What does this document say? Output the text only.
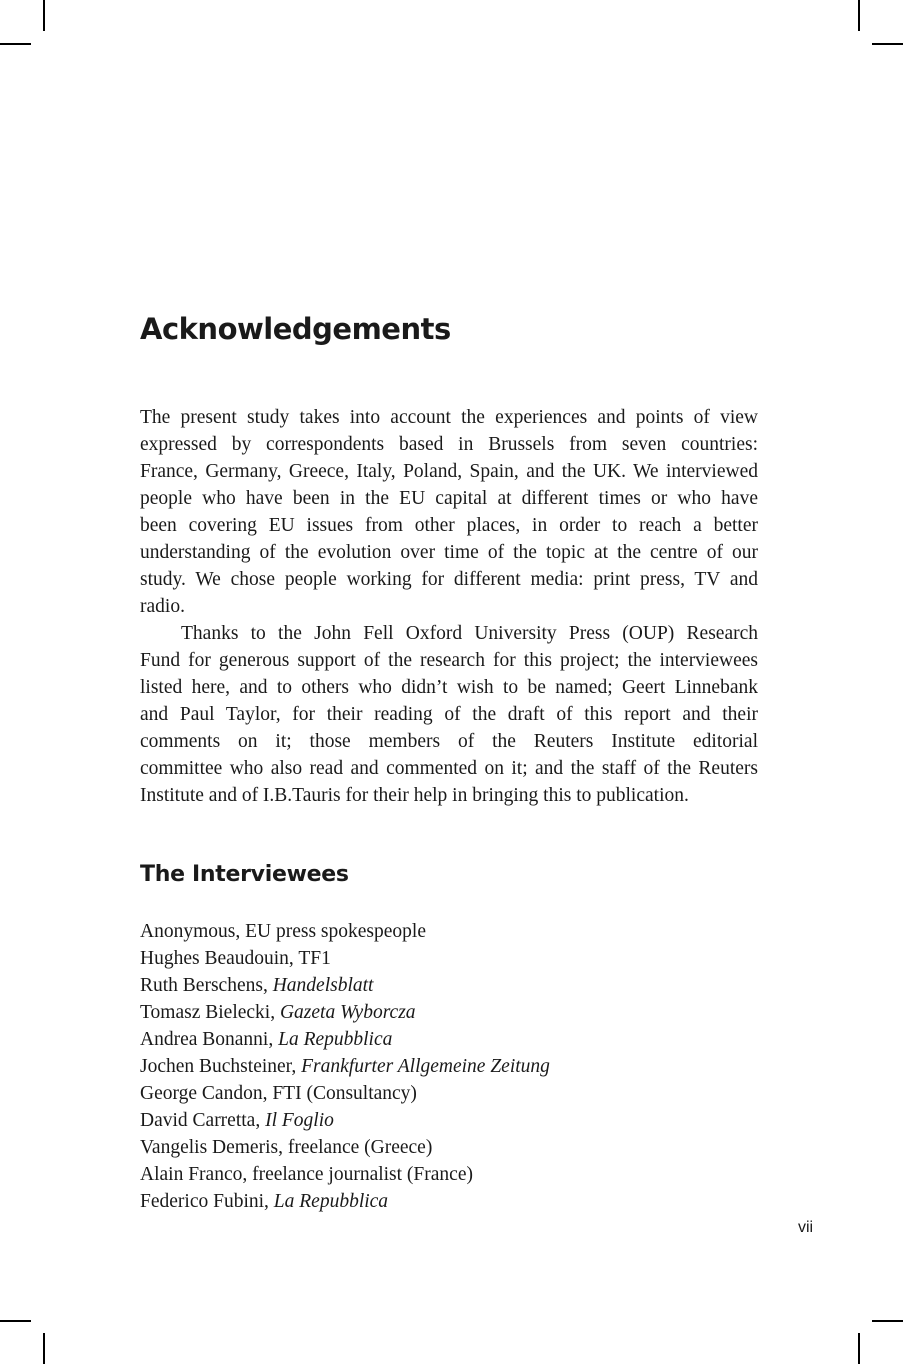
Acknowledgements
The present study takes into account the experiences and points of view
expressed by correspondents based in Brussels from seven countries:
France, Germany, Greece, Italy, Poland, Spain, and the UK. We interviewed
people who have been in the EU capital at different times or who have
been covering EU issues from other places, in order to reach a better
understanding of the evolution over time of the topic at the centre of our
study. We chose people working for different media: print press, TV and
radio.
Thanks to the John Fell Oxford University Press (OUP) Research
Fund for generous support of the research for this project; the interviewees
listed here, and to others who didn’t wish to be named; Geert Linnebank
and Paul Taylor, for their reading of the draft of this report and their
comments on it; those members of the Reuters Institute editorial
committee who also read and commented on it; and the staff of the Reuters
Institute and of I.B.Tauris for their help in bringing this to publication.
The Interviewees
Anonymous, EU press spokespeople
Hughes Beaudouin, TF1
Ruth Berschens, Handelsblatt
Tomasz Bielecki, Gazeta Wyborcza
Andrea Bonanni, La Repubblica
Jochen Buchsteiner, Frankfurter Allgemeine Zeitung
George Candon, FTI (Consultancy)
David Carretta, Il Foglio
Vangelis Demeris, freelance (Greece)
Alain Franco, freelance journalist (France)
Federico Fubini, La Repubblica
vii
